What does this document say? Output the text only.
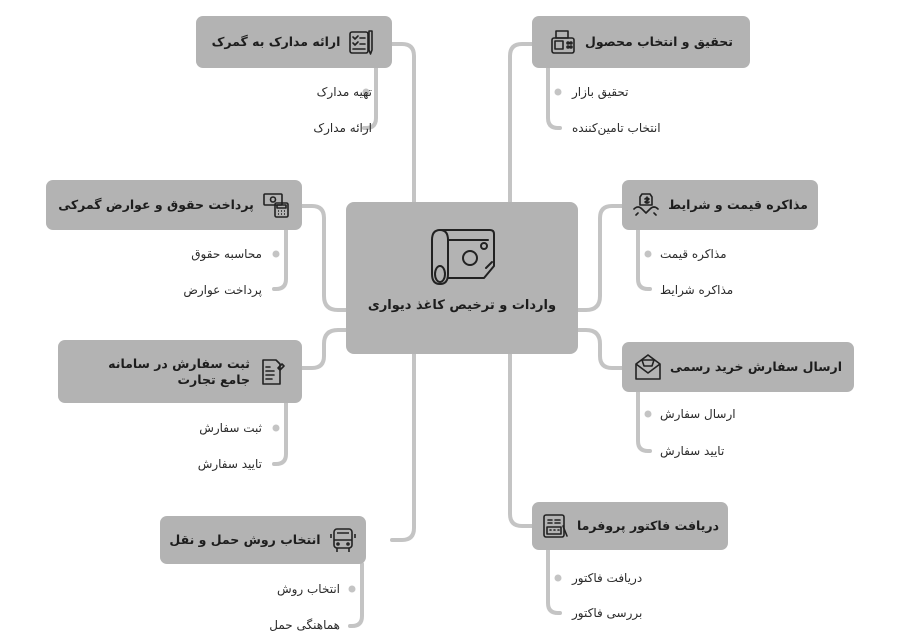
واردات و ترخیص کاغذ دیواری
ارائه مدارک به گمرک
تهیه مدارک
ارائه مدارک
تحقیق و انتخاب محصول
تحقیق بازار
انتخاب تامین‌کننده
پرداخت حقوق و عوارض گمرکی
محاسبه حقوق
پرداخت عوارض
مذاکره قیمت و شرایط
مذاکره قیمت
مذاکره شرایط
ثبت سفارش در سامانه جامع تجارت
ثبت سفارش
تایید سفارش
ارسال سفارش خرید رسمی
ارسال سفارش
تایید سفارش
انتخاب روش حمل و نقل
انتخاب روش
هماهنگی حمل
دریافت فاکتور پروفرما
دریافت فاکتور
بررسی فاکتور
